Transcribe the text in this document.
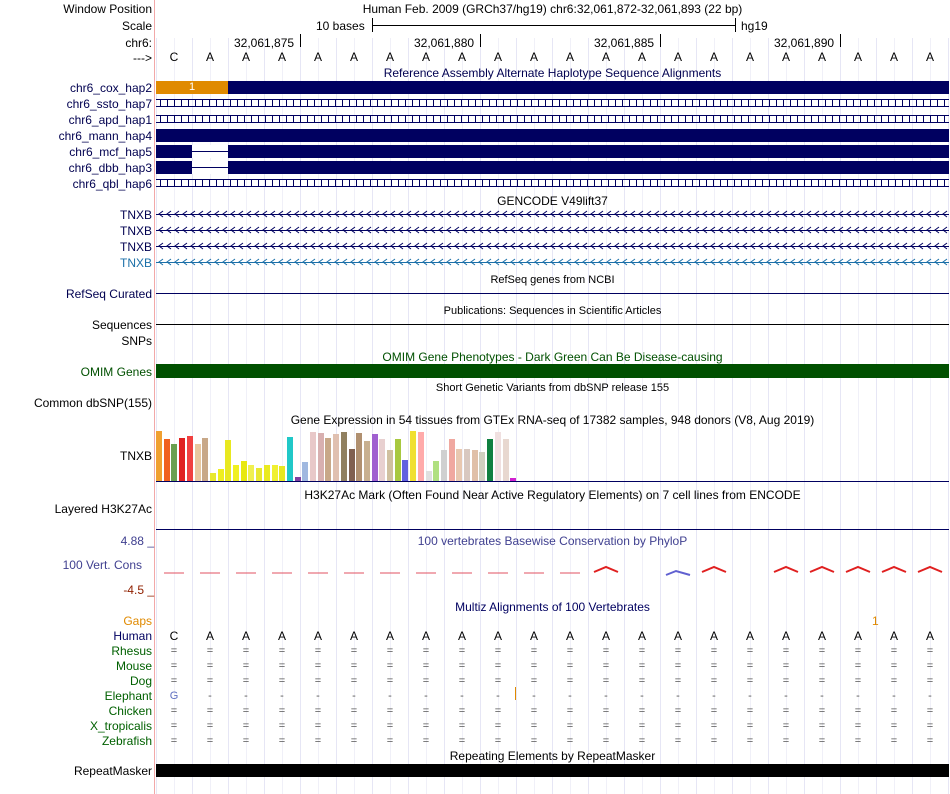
Window Position	Human Feb. 2009 (GRCh37/hg19) chr6:32,061,872-32,061,893 (22 bp)
Scale	10 bases	hg19
chr6:	32,061,875	32,061,880	32,061,885	32,061,890
--->	C	A	A	A	A	A	A	A	A	A	A	A	A	A	A	A	A	A	A	A	A	A
Reference Assembly Alternate Haplotype Sequence Alignments
chr6_cox_hap2	1
chr6_ssto_hap7
chr6_apd_hap1
chr6_mann_hap4
chr6_mcf_hap5
chr6_dbb_hap3
chr6_qbl_hap6
GENCODE V49lift37
TNXB
TNXB
TNXB
TNXB
RefSeq genes from NCBI
RefSeq Curated
Publications: Sequences in Scientific Articles
Sequences
SNPs
OMIM Gene Phenotypes - Dark Green Can Be Disease-causing
OMIM Genes
Short Genetic Variants from dbSNP release 155
Common dbSNP(155)
Gene Expression in 54 tissues from GTEx RNA-seq of 17382 samples, 948 donors (V8, Aug 2019)
TNXB
H3K27Ac Mark (Often Found Near Active Regulatory Elements) on 7 cell lines from ENCODE
Layered H3K27Ac
100 vertebrates Basewise Conservation by PhyloP
4.88 _
100 Vert. Cons
-4.5 _
Multiz Alignments of 100 Vertebrates
Gaps	1
Human	C	A	A	A	A	A	A	A	A	A	A	A	A	A	A	A	A	A	A	A	A	A
Rhesus	=	=	=	=	=	=	=	=	=	=	=	=	=	=	=	=	=	=	=	=	=	=
Mouse	=	=	=	=	=	=	=	=	=	=	=	=	=	=	=	=	=	=	=	=	=	=
Dog	=	=	=	=	=	=	=	=	=	=	=	=	=	=	=	=	=	=	=	=	=	=
Elephant	G	-	-	-	-	-	-	-	-	-	-	-	-	-	-	-	-	-	-	-	-	-
Chicken	=	=	=	=	=	=	=	=	=	=	=	=	=	=	=	=	=	=	=	=	=	=
X_tropicalis	=	=	=	=	=	=	=	=	=	=	=	=	=	=	=	=	=	=	=	=	=	=
Zebrafish	=	=	=	=	=	=	=	=	=	=	=	=	=	=	=	=	=	=	=	=	=	=
Repeating Elements by RepeatMasker
RepeatMasker
